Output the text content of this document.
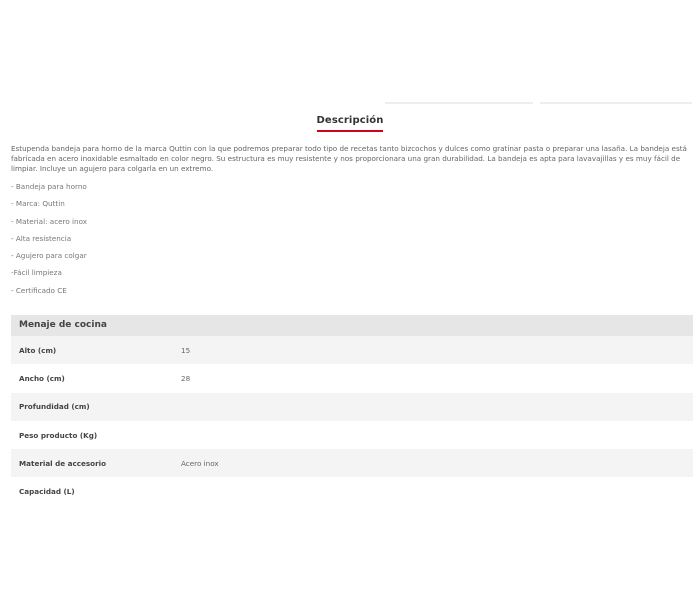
Descripción

Estupenda bandeja para horno de la marca Quttin con la que podremos preparar todo tipo de recetas tanto bizcochos y dulces como gratinar pasta o preparar una lasaña. La bandeja está fabricada en acero inoxidable esmaltado en color negro. Su estructura es muy resistente y nos proporcionara una gran durabilidad. La bandeja es apta para lavavajillas y es muy fácil de limpiar. Incluye un agujero para colgarla en un extremo.

- Bandeja para horno
- Marca: Quttin
- Material: acero inox
- Alta resistencia
- Agujero para colgar
-Fácil limpieza
- Certificado CE
Menaje de cocina
Alto (cm)	15
Ancho (cm)	28
Profundidad (cm)
Peso producto (Kg)
Material de accesorio	Acero inox
Capacidad (L)
